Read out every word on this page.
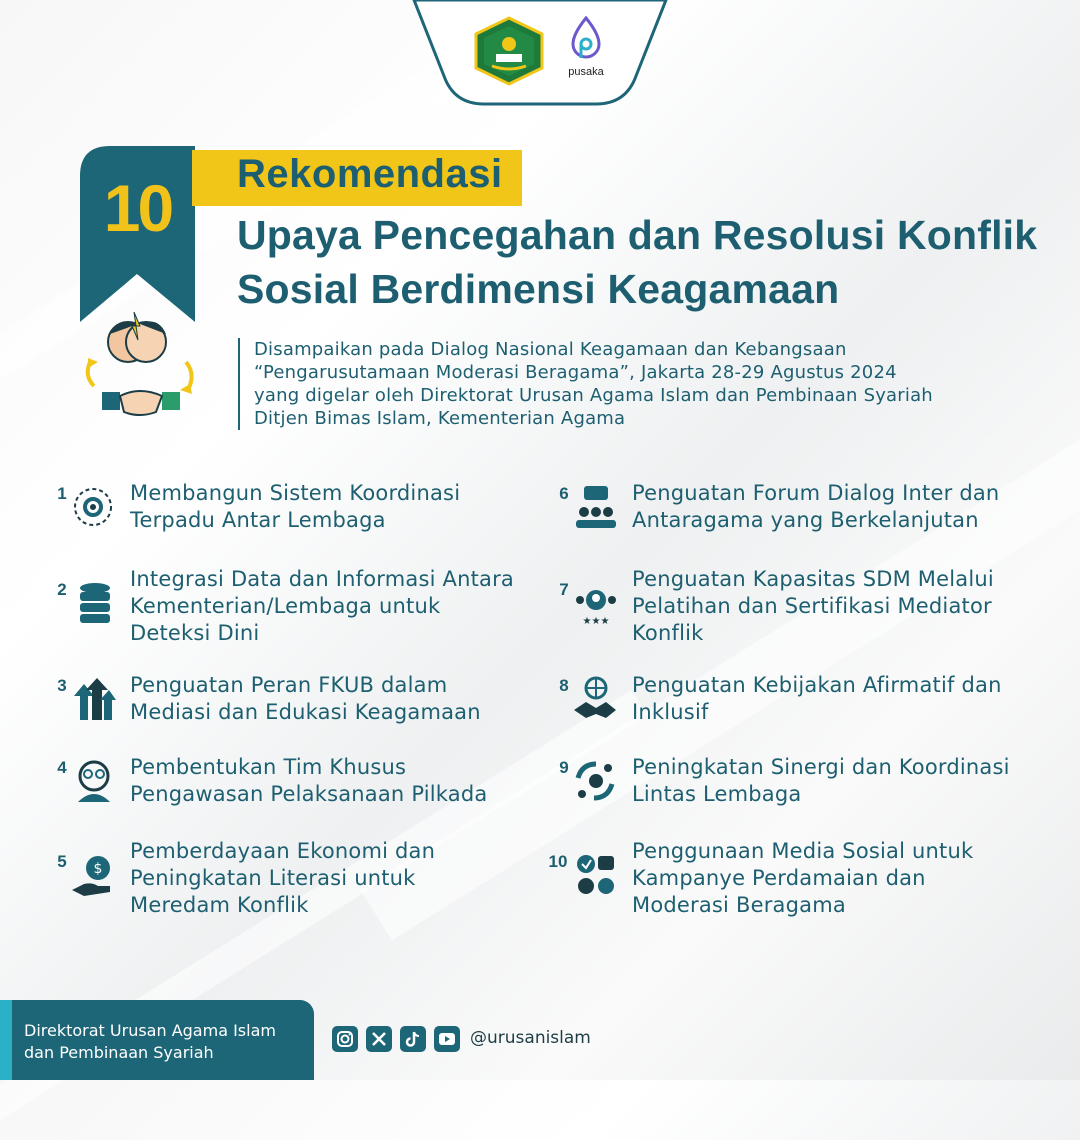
pusaka
10	Rekomendasi
Upaya Pencegahan dan Resolusi Konflik
Sosial Berdimensi Keagamaan
Disampaikan pada Dialog Nasional Keagamaan dan Kebangsaan
“Pengarusutamaan Moderasi Beragama”, Jakarta 28-29 Agustus 2024
yang digelar oleh Direktorat Urusan Agama Islam dan Pembinaan Syariah
Ditjen Bimas Islam, Kementerian Agama
1	Membangun Sistem Koordinasi
Terpadu Antar Lembaga
2	Integrasi Data dan Informasi Antara
Kementerian/Lembaga untuk
Deteksi Dini
3	Penguatan Peran FKUB dalam
Mediasi dan Edukasi Keagamaan
4	Pembentukan Tim Khusus
Pengawasan Pelaksanaan Pilkada
5	$
Pemberdayaan Ekonomi dan
Peningkatan Literasi untuk
Meredam Konflik
6	Penguatan Forum Dialog Inter dan
Antaragama yang Berkelanjutan
7
★★★
Penguatan Kapasitas SDM Melalui
Pelatihan dan Sertifikasi Mediator
Konflik
8	Penguatan Kebijakan Afirmatif dan
Inklusif
9	Peningkatan Sinergi dan Koordinasi
Lintas Lembaga
10	Penggunaan Media Sosial untuk
Kampanye Perdamaian dan
Moderasi Beragama
Direktorat Urusan Agama Islam
dan Pembinaan Syariah
@urusanislam
